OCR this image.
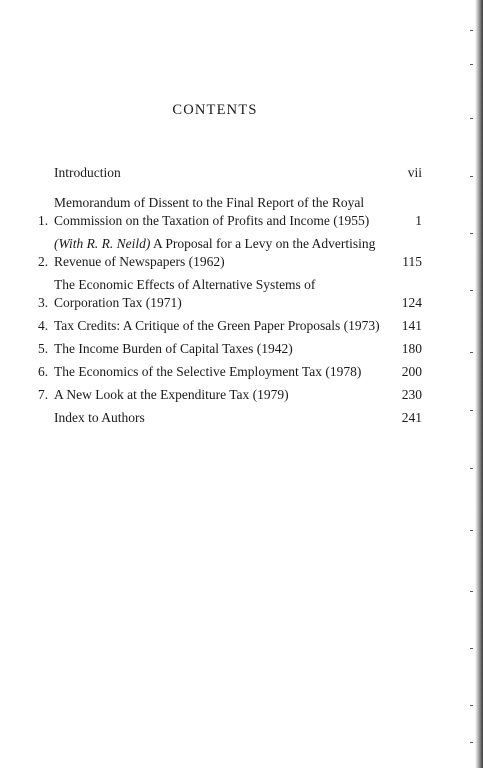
CONTENTS
Introduction	vii
1.
Memorandum of Dissent to the Final Report of the Royal Commission on the Taxation of Profits and Income (1955)	1
2.
(With R. R. Neild) A Proposal for a Levy on the Advertising Revenue of Newspapers (1962)	115
3.
The Economic Effects of Alternative Systems of Corporation Tax (1971)	124
4. Tax Credits: A Critique of the Green Paper Proposals (1973)	141
5. The Income Burden of Capital Taxes (1942)	180
6. The Economics of the Selective Employment Tax (1978)	200
7. A New Look at the Expenditure Tax (1979)	230
Index to Authors	241
